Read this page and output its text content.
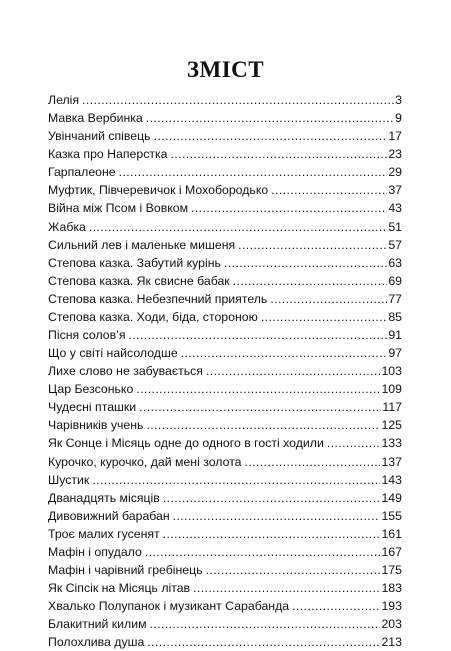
ЗМІСТ
Лелія .....	3
Мавка Вербинка .....	9
Увінчаний співець .....	17
Казка про Наперстка .....	23
Гарпалеоне .....	29
Муфтик, Півчеревичок і Мохобородько .....	37
Війна між Псом і Вовком .....	43
Жабка .....	51
Сильний лев і маленьке мишеня .....	57
Степова казка. Забутий курінь .....	63
Степова казка. Як свисне бабак .....	69
Степова казка. Небезпечний приятель .....	77
Степова казка. Ходи, біда, стороною .....	85
Пісня солов’я .....	91
Що у світі найсолодше .....	97
Лихе слово не забувається .....	103
Цар Безсонько .....	109
Чудесні пташки .....	117
Чарівників учень .....	125
Як Сонце і Місяць одне до одного в гості ходили .....	133
Курочко, курочко, дай мені золота .....	137
Шустик .....	143
Дванадцять місяців .....	149
Дивовижний барабан .....	155
Троє малих гусенят .....	161
Мафін і опудало .....	167
Мафін і чарівний гребінець .....	175
Як Сіпсік на Місяць літав .....	183
Хвалько Полупанок і музикант Сарабанда .....	193
Блакитний килим .....	203
Полохлива душа .....	213
